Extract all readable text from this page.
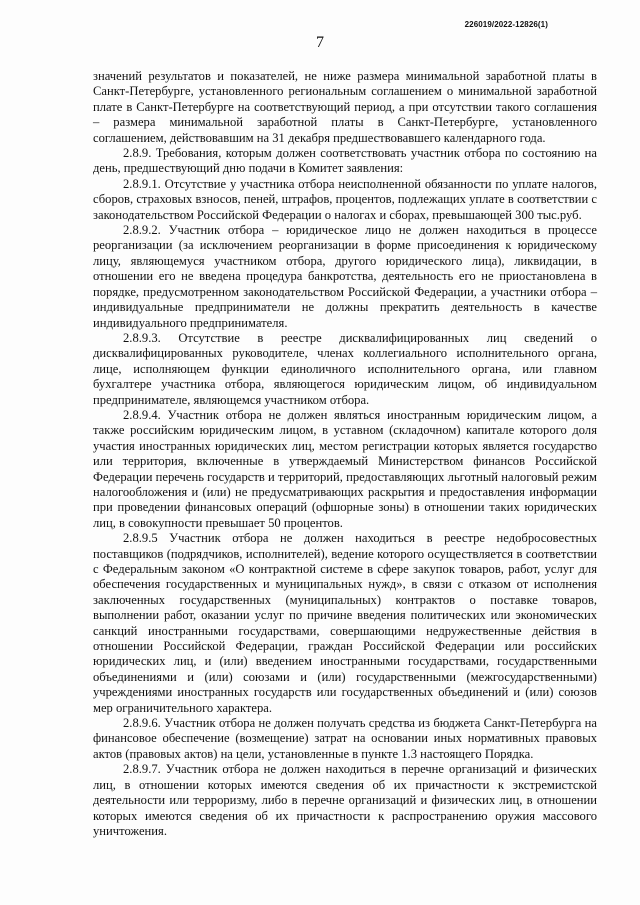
226019/2022-12826(1)
7

значений результатов и показателей, не ниже размера минимальной заработной платы в Санкт-Петербурге, установленного региональным соглашением о минимальной заработной плате в Санкт-Петербурге на соответствующий период, а при отсутствии такого соглашения – размера минимальной заработной платы в Санкт-Петербурге, установленного соглашением, действовавшим на 31 декабря предшествовавшего календарного года.

2.8.9. Требования, которым должен соответствовать участник отбора по состоянию на день, предшествующий дню подачи в Комитет заявления:

2.8.9.1. Отсутствие у участника отбора неисполненной обязанности по уплате налогов, сборов, страховых взносов, пеней, штрафов, процентов, подлежащих уплате в соответствии с законодательством Российской Федерации о налогах и сборах, превышающей 300 тыс.руб.

2.8.9.2. Участник отбора – юридическое лицо не должен находиться в процессе реорганизации (за исключением реорганизации в форме присоединения к юридическому лицу, являющемуся участником отбора, другого юридического лица), ликвидации, в отношении его не введена процедура банкротства, деятельность его не приостановлена в порядке, предусмотренном законодательством Российской Федерации, а участники отбора – индивидуальные предприниматели не должны прекратить деятельность в качестве индивидуального предпринимателя.

2.8.9.3. Отсутствие в реестре дисквалифицированных лиц сведений о дисквалифицированных руководителе, членах коллегиального исполнительного органа, лице, исполняющем функции единоличного исполнительного органа, или главном бухгалтере участника отбора, являющегося юридическим лицом, об индивидуальном предпринимателе, являющемся участником отбора.

2.8.9.4. Участник отбора не должен являться иностранным юридическим лицом, а также российским юридическим лицом, в уставном (складочном) капитале которого доля участия иностранных юридических лиц, местом регистрации которых является государство или территория, включенные в утверждаемый Министерством финансов Российской Федерации перечень государств и территорий, предоставляющих льготный налоговый режим налогообложения и (или) не предусматривающих раскрытия и предоставления информации при проведении финансовых операций (офшорные зоны) в отношении таких юридических лиц, в совокупности превышает 50 процентов.

2.8.9.5 Участник отбора не должен находиться в реестре недобросовестных поставщиков (подрядчиков, исполнителей), ведение которого осуществляется в соответствии с Федеральным законом «О контрактной системе в сфере закупок товаров, работ, услуг для обеспечения государственных и муниципальных нужд», в связи с отказом от исполнения заключенных государственных (муниципальных) контрактов о поставке товаров, выполнении работ, оказании услуг по причине введения политических или экономических санкций иностранными государствами, совершающими недружественные действия в отношении Российской Федерации, граждан Российской Федерации или российских юридических лиц, и (или) введением иностранными государствами, государственными объединениями и (или) союзами и (или) государственными (межгосударственными) учреждениями иностранных государств или государственных объединений и (или) союзов мер ограничительного характера.

2.8.9.6. Участник отбора не должен получать средства из бюджета Санкт-Петербурга на финансовое обеспечение (возмещение) затрат на основании иных нормативных правовых актов (правовых актов) на цели, установленные в пункте 1.3 настоящего Порядка.

2.8.9.7. Участник отбора не должен находиться в перечне организаций и физических лиц, в отношении которых имеются сведения об их причастности к экстремистской деятельности или терроризму, либо в перечне организаций и физических лиц, в отношении которых имеются сведения об их причастности к распространению оружия массового уничтожения.
